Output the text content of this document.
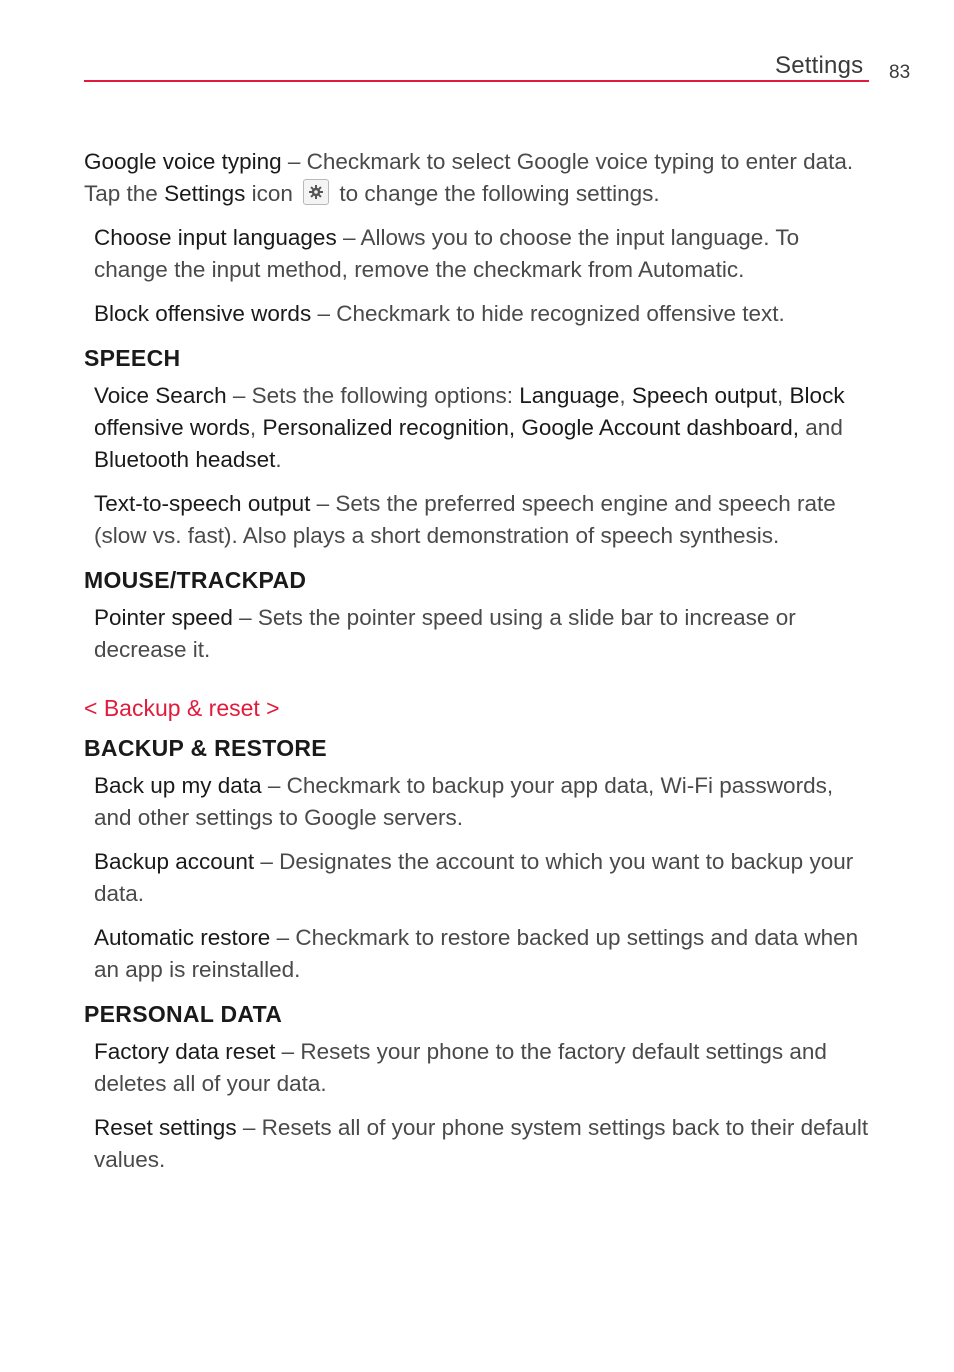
Settings 83

Google voice typing – Checkmark to select Google voice typing to enter data. Tap the Settings icon
to change the following settings.

Choose input languages – Allows you to choose the input language. To change the input method, remove the checkmark from Automatic.

Block offensive words – Checkmark to hide recognized offensive text.

SPEECH

Voice Search – Sets the following options: Language, Speech output, Block offensive words, Personalized recognition, Google Account dashboard, and Bluetooth headset.

Text-to-speech output – Sets the preferred speech engine and speech rate (slow vs. fast). Also plays a short demonstration of speech synthesis.

MOUSE/TRACKPAD

Pointer speed – Sets the pointer speed using a slide bar to increase or decrease it.

< Backup & reset >
BACKUP & RESTORE

Back up my data – Checkmark to backup your app data, Wi-Fi passwords, and other settings to Google servers.

Backup account – Designates the account to which you want to backup your data.

Automatic restore – Checkmark to restore backed up settings and data when an app is reinstalled.

PERSONAL DATA

Factory data reset – Resets your phone to the factory default settings and deletes all of your data.

Reset settings – Resets all of your phone system settings back to their default values.
